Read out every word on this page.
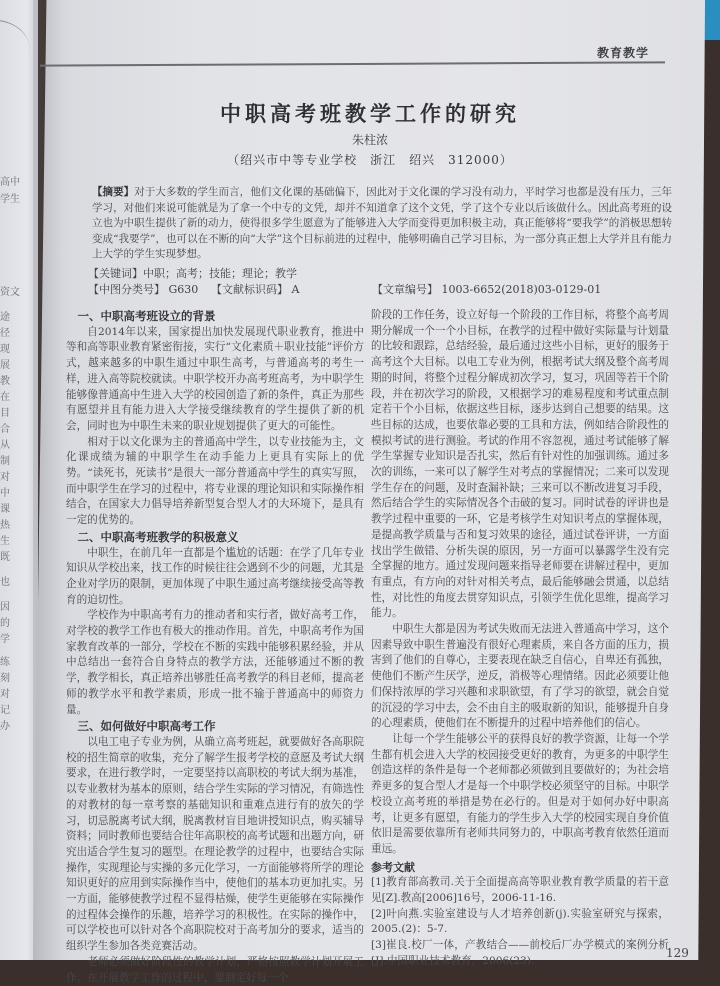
高中
学生
资文
途
径
现
展
教
在
目
合
从
制
对
中
课
热
生
既
也
因
的
学
练
刻
对
记
办
教育教学
中职高考班教学工作的研究
朱柱浓
（绍兴市中等专业学校　浙江　绍兴　312000）
【摘要】对于大多数的学生而言，他们文化课的基础偏下，因此对于文化课的学习没有动力，平时学习也都是没有压力，三年学习，对他们来说可能就是为了拿一个中专的文凭，却并不知道拿了这个文凭，学了这个专业以后该做什么。因此高考班的设立也为中职生提供了新的动力，使得很多学生愿意为了能够进入大学而变得更加积极主动，真正能够将“要我学”的消极思想转变成“我要学”，也可以在不断的向“大学”这个目标前进的过程中，能够明确自己学习目标，为一部分真正想上大学并且有能力上大学的学生实现梦想。
【关键词】中职；高考；技能；理论；教学
【中图分类号】 G630 【文献标识码】 A	【文章编号】 1003-6652(2018)03-0129-01
一、中职高考班设立的背景

自2014年以来，国家提出加快发展现代职业教育，推进中等和高等职业教育紧密衔接，实行“文化素质＋职业技能”评价方式，越来越多的中职生通过中职生高考，与普通高考的考生一样，进入高等院校就读。中职学校开办高考班高考，为中职学生能够像普通高中生进入大学的校园创造了新的条件，真正为那些有愿望并且有能力进入大学接受继续教育的学生提供了新的机会，同时也为中职生未来的职业规划提供了更大的可能性。

相对于以文化课为主的普通高中学生，以专业技能为主，文化课成绩为辅的中职学生在动手能力上更具有实际上的优势。“读死书，死读书”是很大一部分普通高中学生的真实写照，而中职学生在学习的过程中，将专业课的理论知识和实际操作相结合，在国家大力倡导培养新型复合型人才的大环境下，是具有一定的优势的。

二、中职高考班教学的积极意义

中职生，在前几年一直都是个尴尬的话题：在学了几年专业知识从学校出来，找工作的时候往往会遇到不少的问题，尤其是企业对学历的限制，更加体现了中职生通过高考继续接受高等教育的迫切性。

学校作为中职高考有力的推动者和实行者，做好高考工作，对学校的教学工作也有极大的推动作用。首先，中职高考作为国家教育改革的一部分，学校在不断的实践中能够积累经验，并从中总结出一套符合自身特点的教学方法，还能够通过不断的教学，教学相长，真正培养出够胜任高考教学的科目老师，提高老师的教学水平和教学素质，形成一批不输于普通高中的师资力量。

三、如何做好中职高考工作

以电工电子专业为例，从确立高考班起，就要做好各高职院校的招生简章的收集，充分了解学生报考学校的意愿及考试大纲要求，在进行教学时，一定要坚持以高职校的考试大纲为基准，以专业教材为基本的原则，结合学生实际的学习情况，有筛选性的对教材的每一章考察的基础知识和重难点进行有的放矢的学习，切忌脱离考试大纲，脱离教材盲目地讲授知识点，购买辅导资料；同时教师也要结合往年高职校的高考试题和出题方向，研究出适合学生复习的题型。在理论教学的过程中，也要结合实际操作，实现理论与实操的多元化学习，一方面能够将所学的理论知识更好的应用到实际操作当中，使他们的基本功更加扎实。另一方面，能够使教学过程不显得枯燥，使学生更能够在实际操作的过程体会操作的乐趣，培养学习的积极性。在实际的操作中，可以学校也可以针对各个高职院校对于高考加分的要求，适当的组织学生参加各类竞赛活动。

老师必须做好阶段性的教学计划，严格按照教学计划开展工作。在开展教学工作的过程中，要制定好每一个

阶段的工作任务，设立好每一个阶段的工作目标，将整个高考周期分解成一个一个小目标，在教学的过程中做好实际量与计划量的比较和跟踪，总结经验，最后通过这些小目标，更好的服务于高考这个大目标。以电工专业为例，根据考试大纲及整个高考周期的时间，将整个过程分解成初次学习，复习，巩固等若干个阶段，并在初次学习的阶段，又根据学习的难易程度和考试重点制定若干个小目标，依据这些目标，逐步达到自己想要的结果。这些目标的达成，也要依靠必要的工具和方法，例如结合阶段性的模拟考试的进行测验。考试的作用不容忽视，通过考试能够了解学生掌握专业知识是否扎实，然后有针对性的加强训练。通过多次的训练，一来可以了解学生对考点的掌握情况；二来可以发现学生存在的问题，及时查漏补缺；三来可以不断改进复习手段，然后结合学生的实际情况各个击破的复习。同时试卷的评讲也是教学过程中重要的一环，它是考核学生对知识考点的掌握体现，是提高教学质量与否和复习效果的途径，通过试卷评讲，一方面找出学生做错、分析失误的原因，另一方面可以暴露学生没有完全掌握的地方。通过发现问题来指导老师要在讲解过程中，更加有重点，有方向的对针对相关考点，最后能够融会贯通，以总结性，对比性的角度去贯穿知识点，引领学生优化思维，提高学习能力。

中职生大都是因为考试失败而无法进入普通高中学习，这个因素导致中职生普遍没有很好心理素质，来自各方面的压力，损害到了他们的自尊心，主要表现在缺乏自信心，自卑还有孤独，使他们不断产生厌学，逆反，消极等心理情绪。因此必须要让他们保持浓厚的学习兴趣和求职欲望，有了学习的欲望，就会自觉的沉浸的学习中去，会不由自主的吸取新的知识，能够提升自身的心理素质，使他们在不断提升的过程中培养他们的信心。

让每一个学生能够公平的获得良好的教学资源，让每一个学生都有机会进入大学的校园接受更好的教育，为更多的中职学生创造这样的条件是每一个老师都必须做到且要做好的；为社会培养更多的复合型人才是每一个中职学校必须坚守的目标。中职学校设立高考班的举措是势在必行的。但是对于如何办好中职高考，让更多有愿望，有能力的学生步入大学的校园实现自身价值依旧是需要依靠所有老师共同努力的，中职高考教育依然任道而重远。

参考文献
[1]教育部高教司.关于全面提高高等职业教育教学质量的若干意见[Z].教高[2006]16号，2006-11-16.
[2]叶向燕.实验室建设与人才培养创新(j).实验室研究与探索，2005.(2)：5-7.
[3]崔良.校厂一体，产教结合——前校后厂办学模式的案例分析[J].中国职业技术教育，2006(23).
129
